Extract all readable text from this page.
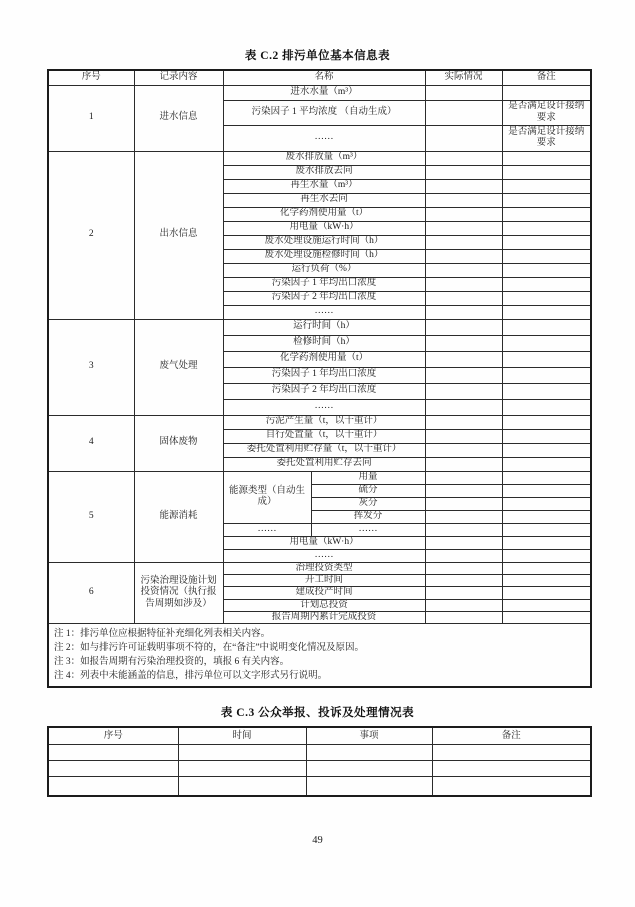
表 C.2 排污单位基本信息表
序号	记录内容	名称		实际情况	备注
1	进水信息	进水水量（m³）			
		污染因子 1 平均浓度 （自动生成）			是否满足设计接纳要求
		……			是否满足设计接纳要求
2	出水信息	废水排放量（m³）			
		废水排放去向			
		再生水量（m³）			
		再生水去向			
		化学药剂使用量（t）			
		用电量（kW·h）			
		废水处理设施运行时间（h）			
		废水处理设施检修时间（h）			
		运行负荷（%）			
		污染因子 1 年均出口浓度			
		污染因子 2 年均出口浓度			
		……			
3	废气处理	运行时间（h）			
		检修时间（h）			
		化学药剂使用量（t）			
		污染因子 1 年均出口浓度			
		污染因子 2 年均出口浓度			
		……			
4	固体废物	污泥产生量（t，以干重计）			
		自行处置量（t，以干重计）			
		委托处置利用贮存量（t，以干重计）			
		委托处置利用贮存去向			
5	能源消耗	能源类型（自动生成）	用量		
			硫分		
			灰分		
			挥发分		
		……	……		
		用电量（kW·h）			
		……			
6	污染治理设施计划投资情况（执行报告周期如涉及）	治理投资类型			
		开工时间			
		建成投产时间			
		计划总投资			
		报告周期内累计完成投资			

注 1：排污单位应根据特征补充细化列表相关内容。
注 2：如与排污许可证载明事项不符的，在“备注”中说明变化情况及原因。
注 3：如报告周期有污染治理投资的，填报 6 有关内容。
注 4：列表中未能涵盖的信息，排污单位可以文字形式另行说明。					
表 C.3 公众举报、投诉及处理情况表
序号	时间	事项	备注

49
